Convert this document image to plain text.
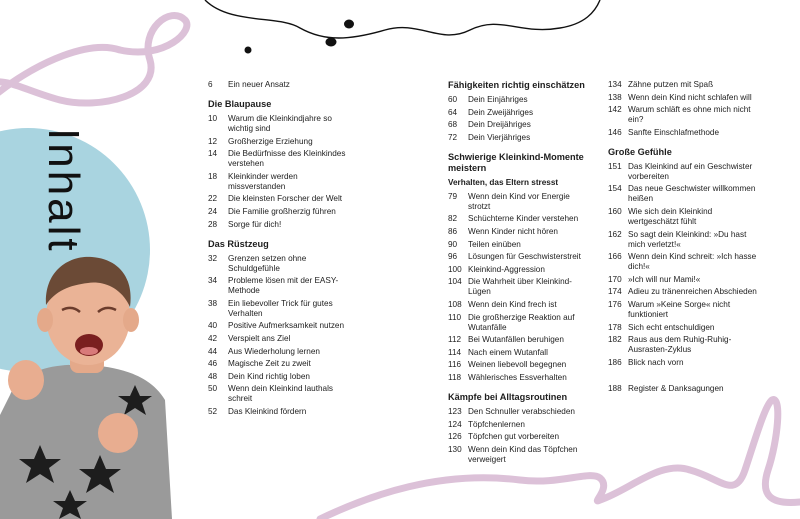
Inhalt
6	Ein neuer Ansatz
Die Blaupause
10	Warum die Kleinkindjahre so wichtig sind
12	Großherzige Erziehung
14	Die Bedürfnisse des Kleinkindes verstehen
18	Kleinkinder werden missverstanden
22	Die kleinsten Forscher der Welt
24	Die Familie großherzig führen
28	Sorge für dich!
Das Rüstzeug
32	Grenzen setzen ohne Schuldgefühle
34	Probleme lösen mit der EASY-Methode
38	Ein liebevoller Trick für gutes Verhalten
40	Positive Aufmerksamkeit nutzen
42	Verspielt ans Ziel
44	Aus Wiederholung lernen
46	Magische Zeit zu zweit
48	Dein Kind richtig loben
50	Wenn dein Kleinkind lauthals schreit
52	Das Kleinkind fördern
Fähigkeiten richtig einschätzen
60	Dein Einjähriges
64	Dein Zweijähriges
68	Dein Dreijähriges
72	Dein Vierjähriges
Schwierige Kleinkind-Momente meistern
Verhalten, das Eltern stresst
79	Wenn dein Kind vor Energie strotzt
82	Schüchterne Kinder verstehen
86	Wenn Kinder nicht hören
90	Teilen einüben
96	Lösungen für Geschwisterstreit
100 Kleinkind-Aggression
104 Die Wahrheit über Kleinkind-Lügen
108 Wenn dein Kind frech ist
110 Die großherzige Reaktion auf Wutanfälle
112 Bei Wutanfällen beruhigen
114 Nach einem Wutanfall
116 Weinen liebevoll begegnen
118 Wählerisches Essverhalten
Kämpfe bei Alltagsroutinen
123 Den Schnuller verabschieden
124 Töpfchenlernen
126 Töpfchen gut vorbereiten
130 Wenn dein Kind das Töpfchen verweigert
134 Zähne putzen mit Spaß
138 Wenn dein Kind nicht schlafen will
142 Warum schläft es ohne mich nicht ein?
146 Sanfte Einschlafmethode
Große Gefühle
151 Das Kleinkind auf ein Geschwister vorbereiten
154 Das neue Geschwister willkommen heißen
160 Wie sich dein Kleinkind wertgeschätzt fühlt
162 So sagt dein Kleinkind: »Du hast mich verletzt!«
166 Wenn dein Kind schreit: »Ich hasse dich!«
170 »Ich will nur Mami!«
174 Adieu zu tränenreichen Abschieden
176 Warum »Keine Sorge« nicht funktioniert
178 Sich echt entschuldigen
182 Raus aus dem Ruhig-Ruhig-Ausrasten-Zyklus
186 Blick nach vorn
188 Register & Danksagungen
